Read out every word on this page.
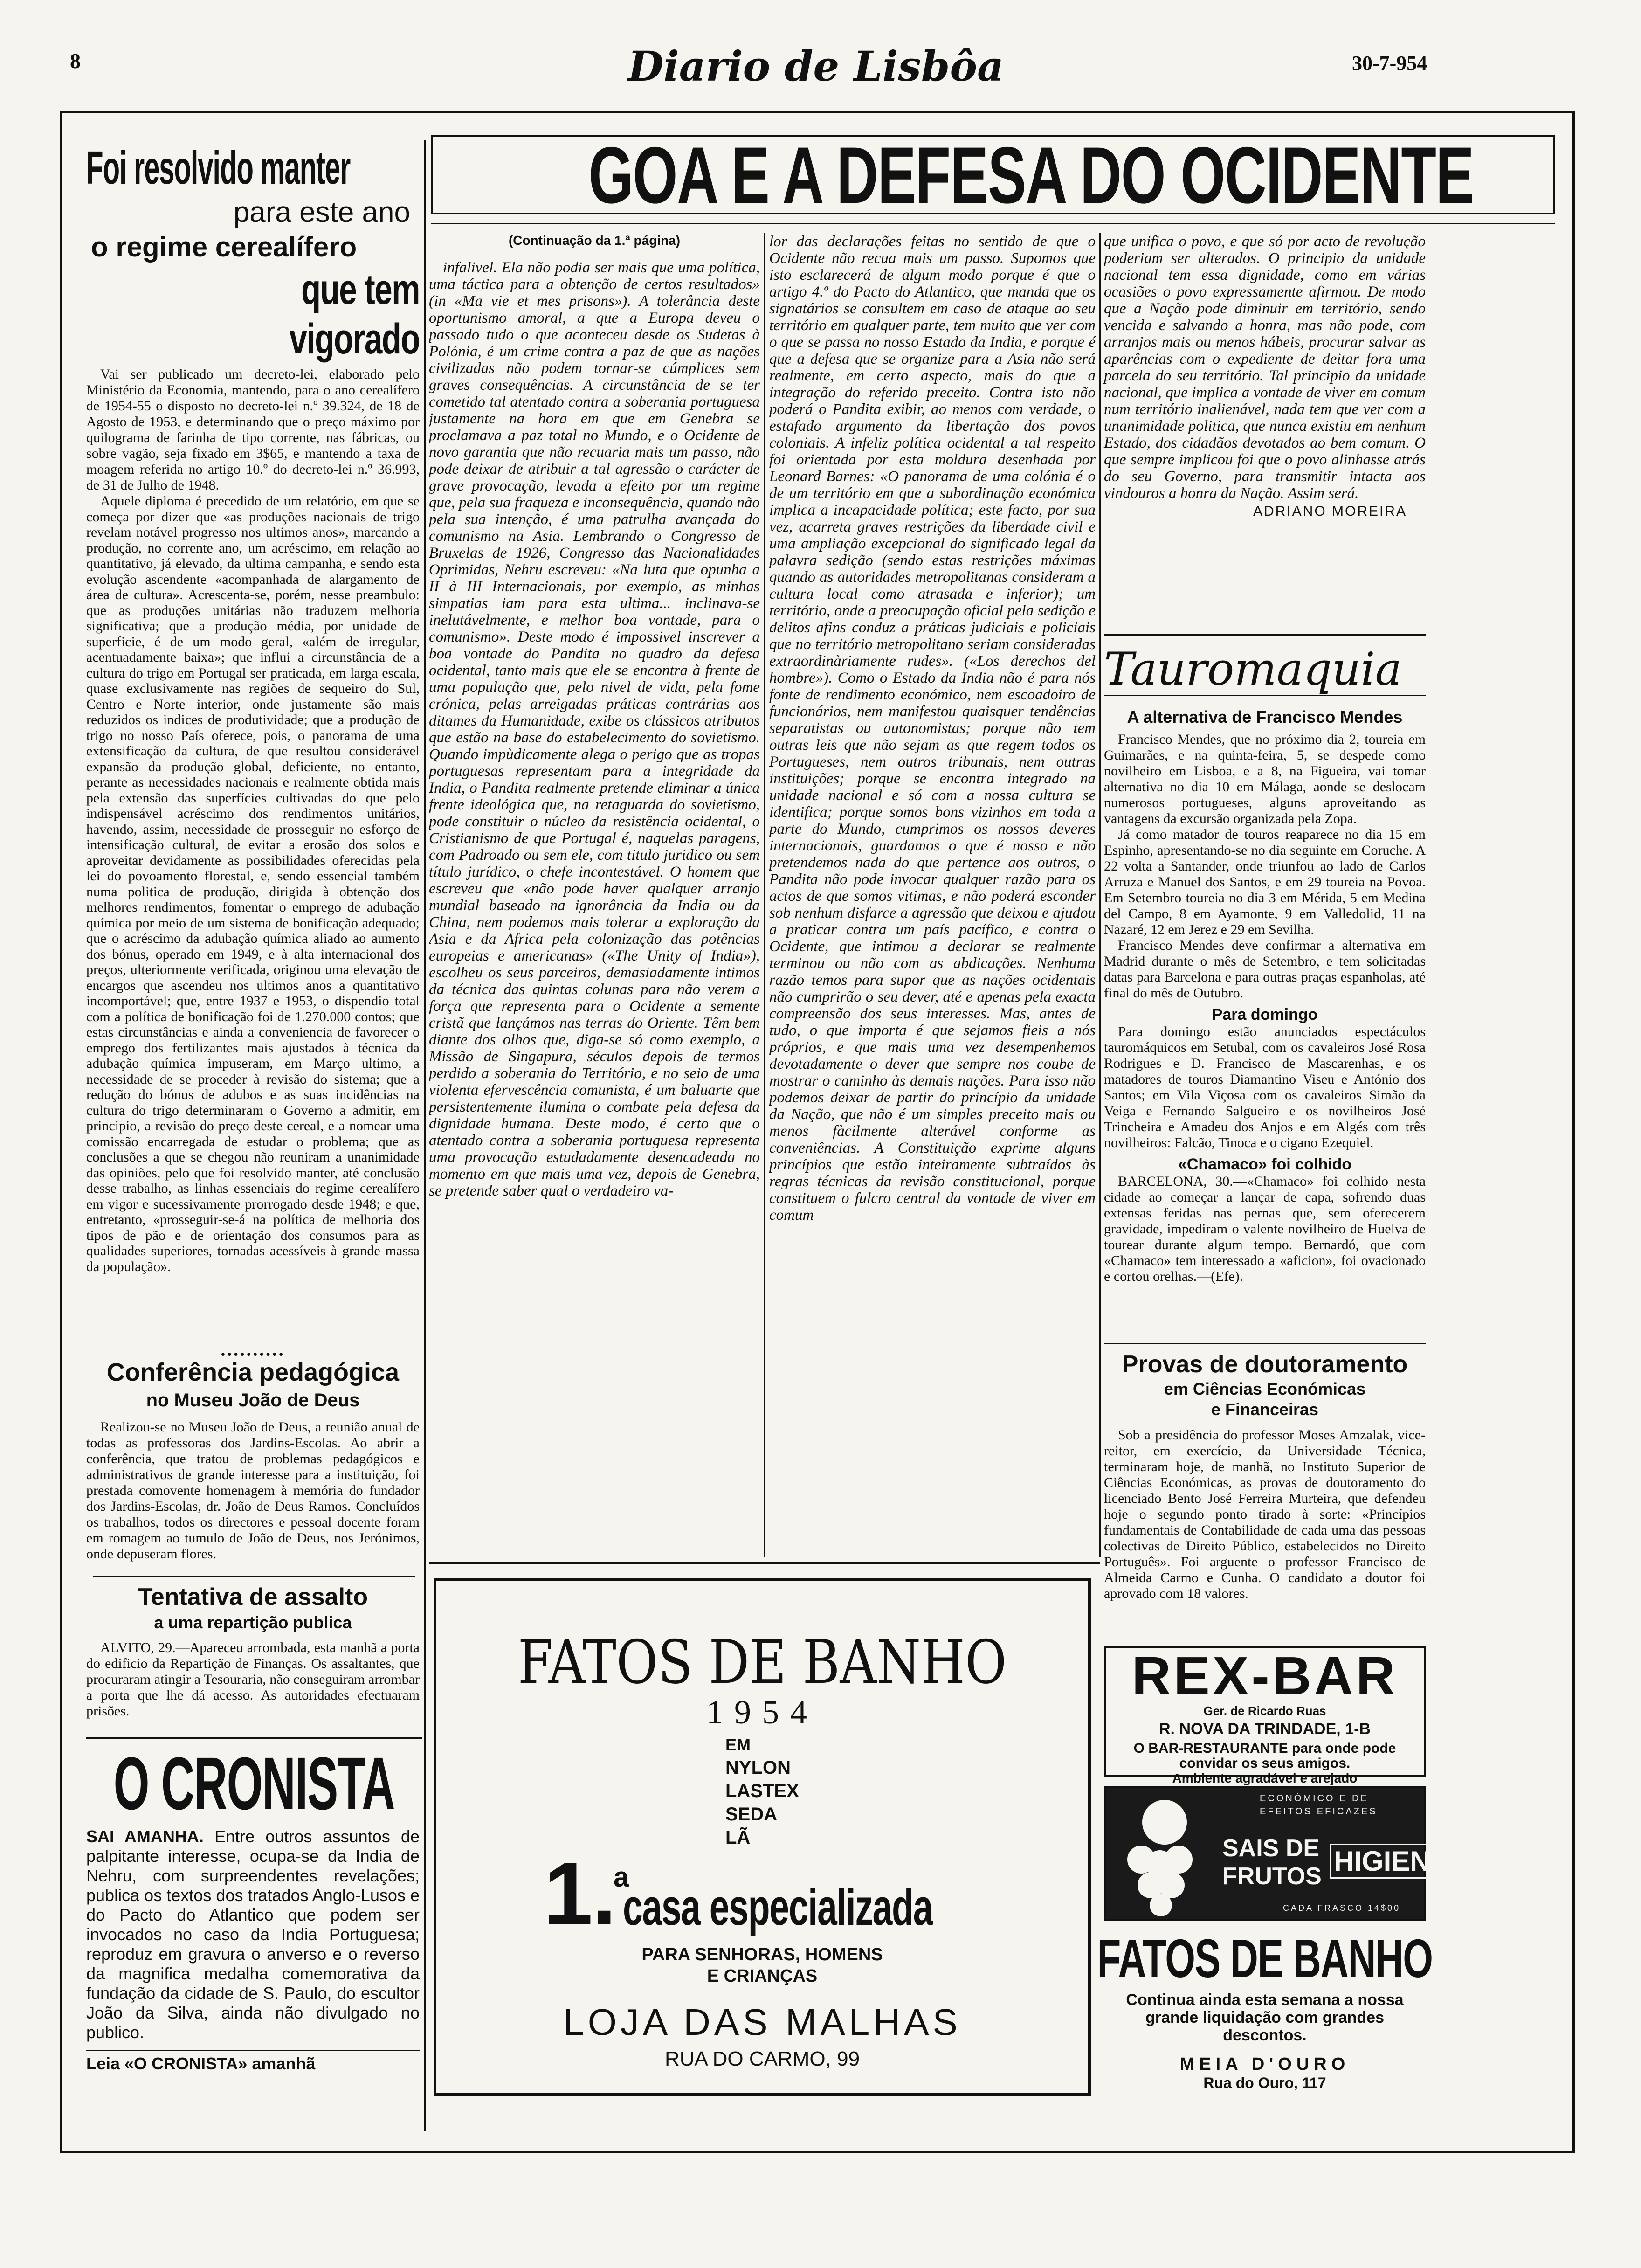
8	Diario de Lisbôa	30-7-954
Foi resolvido manter
para este ano
o regime cerealífero
que tem vigorado

Vai ser publicado um decreto-lei, elaborado pelo Ministério da Economia, mantendo, para o ano cerealífero de 1954-55 o disposto no decreto-lei n.º 39.324, de 18 de Agosto de 1953, e determinando que o preço máximo por quilograma de farinha de tipo corrente, nas fábricas, ou sobre vagão, seja fixado em 3$65, e mantendo a taxa de moagem referida no artigo 10.º do decreto-lei n.º 36.993, de 31 de Julho de 1948.

Aquele diploma é precedido de um relatório, em que se começa por dizer que «as produções nacionais de trigo revelam notável progresso nos ultimos anos», marcando a produção, no corrente ano, um acréscimo, em relação ao quantitativo, já elevado, da ultima campanha, e sendo esta evolução ascendente «acompanhada de alargamento de área de cultura». Acrescenta-se, porém, nesse preambulo: que as produções unitárias não traduzem melhoria significativa; que a produção média, por unidade de superficie, é de um modo geral, «além de irregular, acentuadamente baixa»; que influi a circunstância de a cultura do trigo em Portugal ser praticada, em larga escala, quase exclusivamente nas regiões de sequeiro do Sul, Centro e Norte interior, onde justamente são mais reduzidos os indices de produtividade; que a produção de trigo no nosso País oferece, pois, o panorama de uma extensificação da cultura, de que resultou considerável expansão da produção global, deficiente, no entanto, perante as necessidades nacionais e realmente obtida mais pela extensão das superfícies cultivadas do que pelo indispensável acréscimo dos rendimentos unitários, havendo, assim, necessidade de prosseguir no esforço de intensificação cultural, de evitar a erosão dos solos e aproveitar devidamente as possibilidades oferecidas pela lei do povoamento florestal, e, sendo essencial também numa politica de produção, dirigida à obtenção dos melhores rendimentos, fomentar o emprego de adubação química por meio de um sistema de bonificação adequado; que o acréscimo da adubação química aliado ao aumento dos bónus, operado em 1949, e à alta internacional dos preços, ulteriormente verificada, originou uma elevação de encargos que ascendeu nos ultimos anos a quantitativo incomportável; que, entre 1937 e 1953, o dispendio total com a política de bonificação foi de 1.270.000 contos; que estas circunstâncias e ainda a conveniencia de favorecer o emprego dos fertilizantes mais ajustados à técnica da adubação química impuseram, em Março ultimo, a necessidade de se proceder à revisão do sistema; que a redução do bónus de adubos e as suas incidências na cultura do trigo determinaram o Governo a admitir, em principio, a revisão do preço deste cereal, e a nomear uma comissão encarregada de estudar o problema; que as conclusões a que se chegou não reuniram a unanimidade das opiniões, pelo que foi resolvido manter, até conclusão desse trabalho, as linhas essenciais do regime cerealífero em vigor e sucessivamente prorrogado desde 1948; e que, entretanto, «prosseguir-se-á na política de melhoria dos tipos de pão e de orientação dos consumos para as qualidades superiores, tornadas acessíveis à grande massa da população».

••••••••••
Conferência pedagógica
no Museu João de Deus

Realizou-se no Museu João de Deus, a reunião anual de todas as professoras dos Jardins-Escolas. Ao abrir a conferência, que tratou de problemas pedagógicos e administrativos de grande interesse para a instituição, foi prestada comovente homenagem à memória do fundador dos Jardins-Escolas, dr. João de Deus Ramos. Concluídos os trabalhos, todos os directores e pessoal docente foram em romagem ao tumulo de João de Deus, nos Jerónimos, onde depuseram flores.

Tentativa de assalto
a uma repartição publica

ALVITO, 29.—Apareceu arrombada, esta manhã a porta do edificio da Repartição de Finanças. Os assaltantes, que procuraram atingir a Tesouraria, não conseguiram arrombar a porta que lhe dá acesso. As autoridades efectuaram prisões.

O CRONISTA

SAI AMANHA. Entre outros assuntos de palpitante interesse, ocupa-se da India de Nehru, com surpreendentes revelações; publica os textos dos tratados Anglo-Lusos e do Pacto do Atlantico que podem ser invocados no caso da India Portuguesa; reproduz em gravura o anverso e o reverso da magnifica medalha comemorativa da fundação da cidade de S. Paulo, do escultor João da Silva, ainda não divulgado no publico.

Leia «O CRONISTA» amanhã
GOA E A DEFESA DO OCIDENTE
(Continuação da 1.ª página)

infalivel. Ela não podia ser mais que uma política, uma táctica para a obtenção de certos resultados» (in «Ma vie et mes prisons»). A tolerância deste oportunismo amoral, a que a Europa deveu o passado tudo o que aconteceu desde os Sudetas à Polónia, é um crime contra a paz de que as nações civilizadas não podem tornar-se cúmplices sem graves consequências. A circunstância de se ter cometido tal atentado contra a soberania portuguesa justamente na hora em que em Genebra se proclamava a paz total no Mundo, e o Ocidente de novo garantia que não recuaria mais um passo, não pode deixar de atribuir a tal agressão o carácter de grave provocação, levada a efeito por um regime que, pela sua fraqueza e inconsequência, quando não pela sua intenção, é uma patrulha avançada do comunismo na Asia. Lembrando o Congresso de Bruxelas de 1926, Congresso das Nacionalidades Oprimidas, Nehru escreveu: «Na luta que opunha a II à III Internacionais, por exemplo, as minhas simpatias iam para esta ultima... inclinava-se inelutávelmente, e melhor boa vontade, para o comunismo». Deste modo é impossivel inscrever a boa vontade do Pandita no quadro da defesa ocidental, tanto mais que ele se encontra à frente de uma população que, pelo nivel de vida, pela fome crónica, pelas arreigadas práticas contrárias aos ditames da Humanidade, exibe os clássicos atributos que estão na base do estabelecimento do sovietismo. Quando impùdicamente alega o perigo que as tropas portuguesas representam para a integridade da India, o Pandita realmente pretende eliminar a única frente ideológica que, na retaguarda do sovietismo, pode constituir o núcleo da resistência ocidental, o Cristianismo de que Portugal é, naquelas paragens, com Padroado ou sem ele, com titulo juridico ou sem título jurídico, o chefe incontestável. O homem que escreveu que «não pode haver qualquer arranjo mundial baseado na ignorância da India ou da China, nem podemos mais tolerar a exploração da Asia e da Africa pela colonização das potências europeias e americanas» («The Unity of India»), escolheu os seus parceiros, demasiadamente intimos da técnica das quintas colunas para não verem a força que representa para o Ocidente a semente cristã que lançámos nas terras do Oriente. Têm bem diante dos olhos que, diga-se só como exemplo, a Missão de Singapura, séculos depois de termos perdido a soberania do Território, e no seio de uma violenta efervescência comunista, é um baluarte que persistentemente ilumina o combate pela defesa da dignidade humana. Deste modo, é certo que o atentado contra a soberania portuguesa representa uma provocação estudadamente desencadeada no momento em que mais uma vez, depois de Genebra, se pretende saber qual o verdadeiro va-

lor das declarações feitas no sentido de que o Ocidente não recua mais um passo. Supomos que isto esclarecerá de algum modo porque é que o artigo 4.º do Pacto do Atlantico, que manda que os signatários se consultem em caso de ataque ao seu território em qualquer parte, tem muito que ver com o que se passa no nosso Estado da India, e porque é que a defesa que se organize para a Asia não será realmente, em certo aspecto, mais do que a integração do referido preceito. Contra isto não poderá o Pandita exibir, ao menos com verdade, o estafado argumento da libertação dos povos coloniais. A infeliz política ocidental a tal respeito foi orientada por esta moldura desenhada por Leonard Barnes: «O panorama de uma colónia é o de um território em que a subordinação económica implica a incapacidade política; este facto, por sua vez, acarreta graves restrições da liberdade civil e uma ampliação excepcional do significado legal da palavra sedição (sendo estas restrições máximas quando as autoridades metropolitanas consideram a cultura local como atrasada e inferior); um território, onde a preocupação oficial pela sedição e delitos afins conduz a práticas judiciais e policiais que no território metropolitano seriam consideradas extraordinàriamente rudes». («Los derechos del hombre»). Como o Estado da India não é para nós fonte de rendimento económico, nem escoadoiro de funcionários, nem manifestou quaisquer tendências separatistas ou autonomistas; porque não tem outras leis que não sejam as que regem todos os Portugueses, nem outros tribunais, nem outras instituições; porque se encontra integrado na unidade nacional e só com a nossa cultura se identifica; porque somos bons vizinhos em toda a parte do Mundo, cumprimos os nossos deveres internacionais, guardamos o que é nosso e não pretendemos nada do que pertence aos outros, o Pandita não pode invocar qualquer razão para os actos de que somos vitimas, e não poderá esconder sob nenhum disfarce a agressão que deixou e ajudou a praticar contra um país pacífico, e contra o Ocidente, que intimou a declarar se realmente terminou ou não com as abdicações. Nenhuma razão temos para supor que as nações ocidentais não cumprirão o seu dever, até e apenas pela exacta compreensão dos seus interesses. Mas, antes de tudo, o que importa é que sejamos fieis a nós próprios, e que mais uma vez desempenhemos devotadamente o dever que sempre nos coube de mostrar o caminho às demais nações. Para isso não podemos deixar de partir do princípio da unidade da Nação, que não é um simples preceito mais ou menos fàcilmente alterável conforme as conveniências. A Constituição exprime alguns princípios que estão inteiramente subtraídos às regras técnicas da revisão constitucional, porque constituem o fulcro central da vontade de viver em comum

que unifica o povo, e que só por acto de revolução poderiam ser alterados. O principio da unidade nacional tem essa dignidade, como em várias ocasiões o povo expressamente afirmou. De modo que a Nação pode diminuir em território, sendo vencida e salvando a honra, mas não pode, com arranjos mais ou menos hábeis, procurar salvar as aparências com o expediente de deitar fora uma parcela do seu território. Tal principio da unidade nacional, que implica a vontade de viver em comum num território inalienável, nada tem que ver com a unanimidade politica, que nunca existiu em nenhum Estado, dos cidadãos devotados ao bem comum. O que sempre implicou foi que o povo alinhasse atrás do seu Governo, para transmitir intacta aos vindouros a honra da Nação. Assim será.

ADRIANO MOREIRA
Tauromaquia
A alternativa de Francisco Mendes

Francisco Mendes, que no próximo dia 2, toureia em Guimarães, e na quinta-feira, 5, se despede como novilheiro em Lisboa, e a 8, na Figueira, vai tomar alternativa no dia 10 em Málaga, aonde se deslocam numerosos portugueses, alguns aproveitando as vantagens da excursão organizada pela Zopa.

Já como matador de touros reaparece no dia 15 em Espinho, apresentando-se no dia seguinte em Coruche. A 22 volta a Santander, onde triunfou ao lado de Carlos Arruza e Manuel dos Santos, e em 29 toureia na Povoa. Em Setembro toureia no dia 3 em Mérida, 5 em Medina del Campo, 8 em Ayamonte, 9 em Valledolid, 11 na Nazaré, 12 em Jerez e 29 em Sevilha.

Francisco Mendes deve confirmar a alternativa em Madrid durante o mês de Setembro, e tem solicitadas datas para Barcelona e para outras praças espanholas, até final do mês de Outubro.

Para domingo

Para domingo estão anunciados espectáculos tauromáquicos em Setubal, com os cavaleiros José Rosa Rodrigues e D. Francisco de Mascarenhas, e os matadores de touros Diamantino Viseu e António dos Santos; em Vila Viçosa com os cavaleiros Simão da Veiga e Fernando Salgueiro e os novilheiros José Trincheira e Amadeu dos Anjos e em Algés com três novilheiros: Falcão, Tinoca e o cigano Ezequiel.

«Chamaco» foi colhido

BARCELONA, 30.—«Chamaco» foi colhido nesta cidade ao começar a lançar de capa, sofrendo duas extensas feridas nas pernas que, sem oferecerem gravidade, impediram o valente novilheiro de Huelva de tourear durante algum tempo. Bernardó, que com «Chamaco» tem interessado a «aficion», foi ovacionado e cortou orelhas.—(Efe).

Provas de doutoramento
em Ciências Económicas
e Financeiras

Sob a presidência do professor Moses Amzalak, vice-reitor, em exercício, da Universidade Técnica, terminaram hoje, de manhã, no Instituto Superior de Ciências Económicas, as provas de doutoramento do licenciado Bento José Ferreira Murteira, que defendeu hoje o segundo ponto tirado à sorte: «Princípios fundamentais de Contabilidade de cada uma das pessoas colectivas de Direito Público, estabelecidos no Direito Português». Foi arguente o professor Francisco de Almeida Carmo e Cunha. O candidato a doutor foi aprovado com 18 valores.

REX-BAR
Ger. de Ricardo Ruas
R. NOVA DA TRINDADE, 1-B
O BAR-RESTAURANTE para onde pode convidar os seus amigos.
Ambiente agradável e arejado
ECONÓMICO E DE
EFEITOS EFICAZES
SAIS DE
FRUTOS HIGIENE
CADA FRASCO 14$00
FATOS DE BANHO
Continua ainda esta semana a nossa grande liquidação com grandes descontos.
MEIA D'OURO
Rua do Ouro, 117
FATOS DE BANHO
1954
EM
NYLON
LASTEX
SEDA
LÃ
1.
a
casa especializada
PARA SENHORAS, HOMENS
E CRIANÇAS
LOJA DAS MALHAS
RUA DO CARMO, 99
